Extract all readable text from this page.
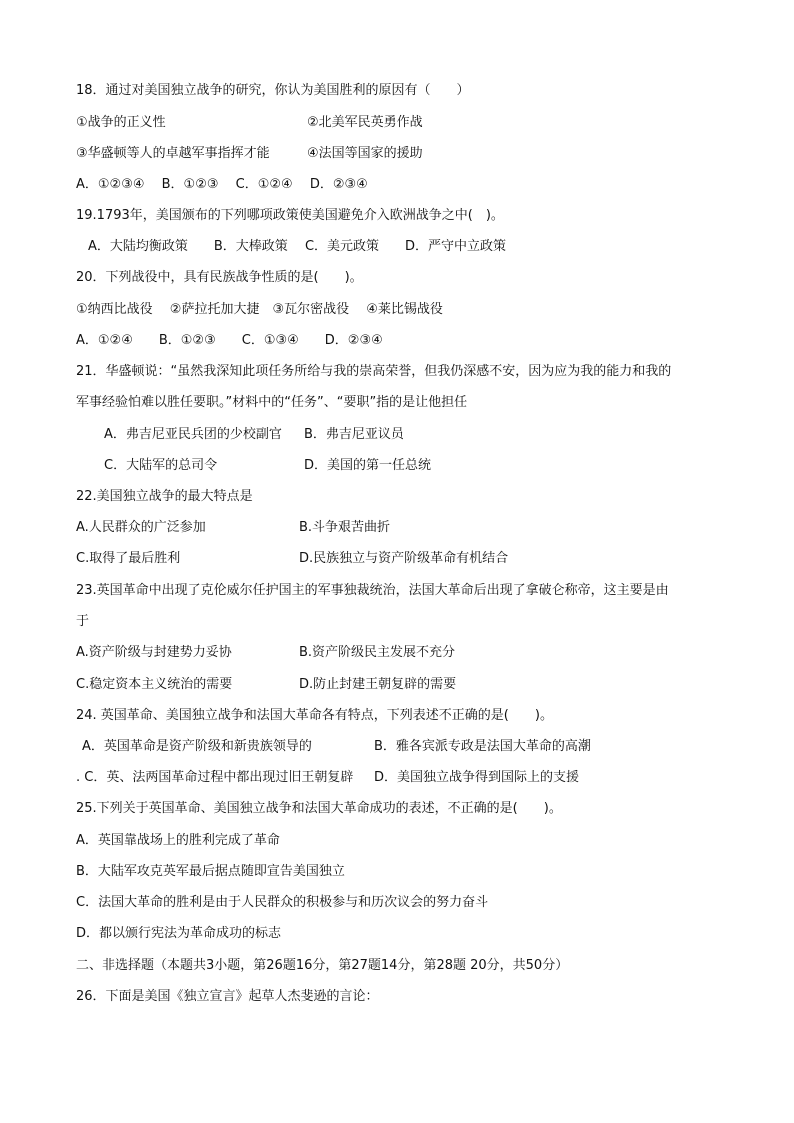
18．通过对美国独立战争的研究，你认为美国胜利的原因有（　　）
①战争的正义性	②北美军民英勇作战
③华盛顿等人的卓越军事指挥才能	④法国等国家的援助
A．①②③④　 B．①②③　 C．①②④　 D．②③④
19.1793年，美国颁布的下列哪项政策使美国避免介入欧洲战争之中(　)。
A．大陆均衡政策　　B．大棒政策　 C．美元政策　　D．严守中立政策
20．下列战役中，具有民族战争性质的是(　　)。
①纳西比战役　 ②萨拉托加大捷　③瓦尔密战役　 ④莱比锡战役
A．①②④　　B．①②③　　C．①③④　　D．②③④
21．华盛顿说：“虽然我深知此项任务所给与我的崇高荣誉，但我仍深感不安，因为应为我的能力和我的
军事经验怕难以胜任要职。”材料中的“任务”、“要职”指的是让他担任
A．弗吉尼亚民兵团的少校副官 B．弗吉尼亚议员
C．大陆军的总司令	D．美国的第一任总统
22.美国独立战争的最大特点是
A.人民群众的广泛参加	B.斗争艰苦曲折
C.取得了最后胜利	D.民族独立与资产阶级革命有机结合
23.英国革命中出现了克伦威尔任护国主的军事独裁统治，法国大革命后出现了拿破仑称帝，这主要是由
于
A.资产阶级与封建势力妥协	B.资产阶级民主发展不充分
C.稳定资本主义统治的需要	D.防止封建王朝复辟的需要
24. 英国革命、美国独立战争和法国大革命各有特点，下列表述不正确的是(　　)。
A．英国革命是资产阶级和新贵族领导的	B．雅各宾派专政是法国大革命的高潮
. C．英、法两国革命过程中都出现过旧王朝复辟 D．美国独立战争得到国际上的支援
25.下列关于英国革命、美国独立战争和法国大革命成功的表述，不正确的是(　　)。
A．英国靠战场上的胜利完成了革命
B．大陆军攻克英军最后据点随即宣告美国独立
C．法国大革命的胜利是由于人民群众的积极参与和历次议会的努力奋斗
D．都以颁行宪法为革命成功的标志
二、非选择题（本题共3小题，第26题16分，第27题14分，第28题 20分，共50分）
26．下面是美国《独立宣言》起草人杰斐逊的言论：
